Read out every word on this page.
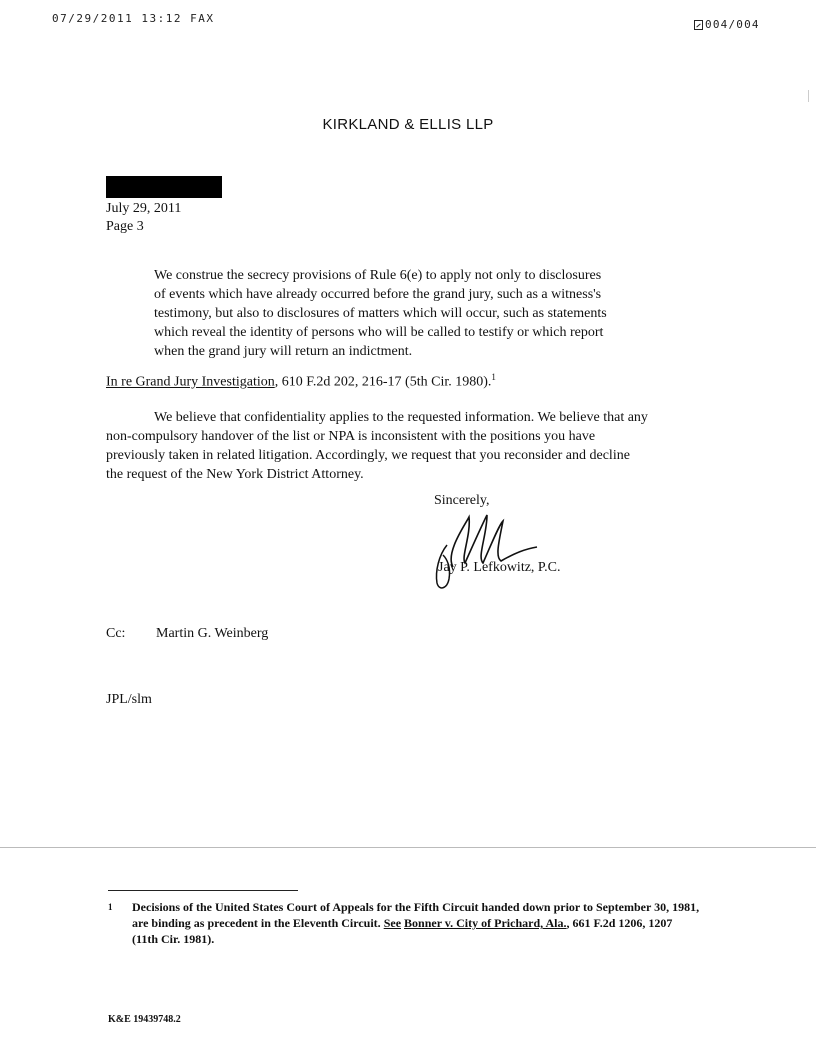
07/29/2011 13:12 FAX	004/004
KIRKLAND & ELLIS LLP
July 29, 2011
Page 3
We construe the secrecy provisions of Rule 6(e) to apply not only to disclosures
of events which have already occurred before the grand jury, such as a witness's
testimony, but also to disclosures of matters which will occur, such as statements
which reveal the identity of persons who will be called to testify or which report
when the grand jury will return an indictment.
In re Grand Jury Investigation, 610 F.2d 202, 216-17 (5th Cir. 1980).$^1$
We believe that confidentiality applies to the requested information. We believe that any
non-compulsory handover of the list or NPA is inconsistent with the positions you have
previously taken in related litigation. Accordingly, we request that you reconsider and decline
the request of the New York District Attorney.
Sincerely,
Jay P. Lefkowitz, P.C.
Cc: Martin G. Weinberg
JPL/slm
1 Decisions of the United States Court of Appeals for the Fifth Circuit handed down prior to September 30, 1981,
are binding as precedent in the Eleventh Circuit. See Bonner v. City of Prichard, Ala., 661 F.2d 1206, 1207
(11th Cir. 1981).
K&E 19439748.2
